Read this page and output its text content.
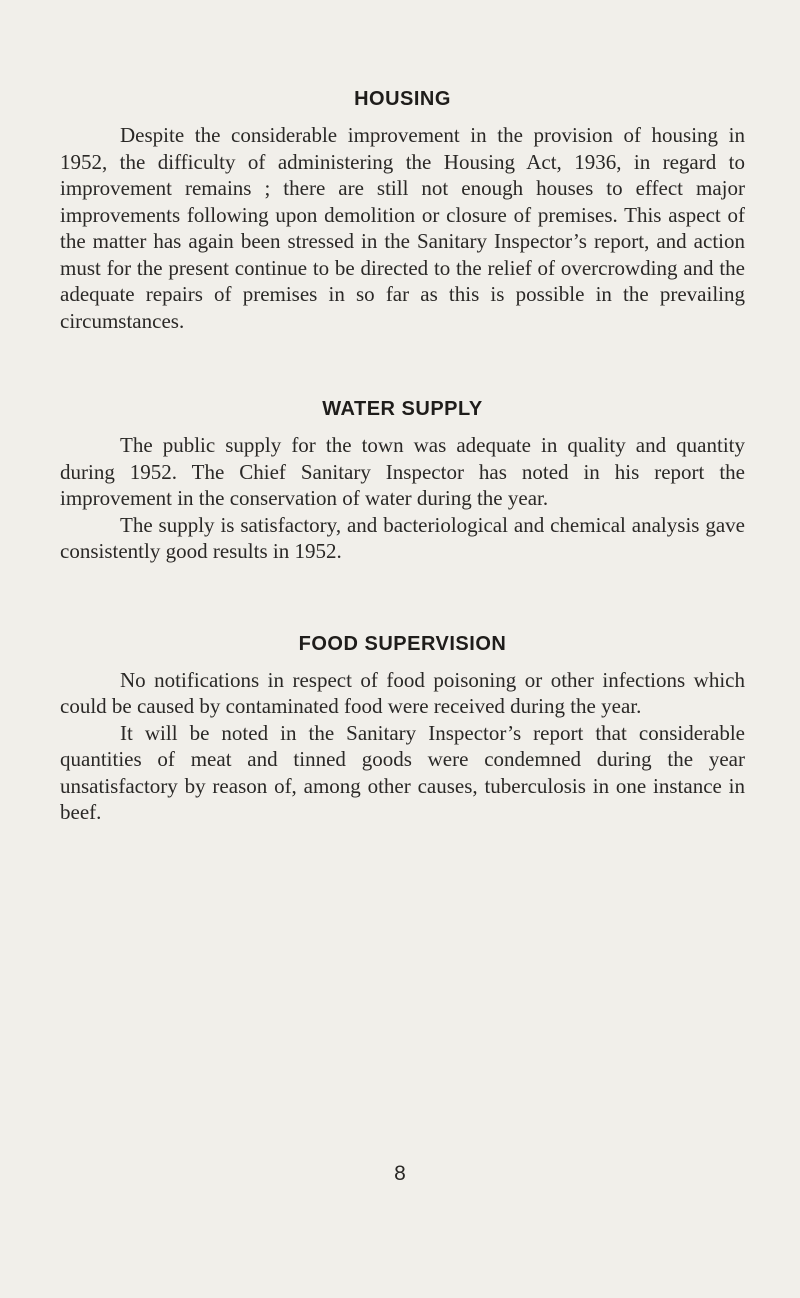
HOUSING

Despite the considerable improvement in the provision of housing in 1952, the difficulty of administering the Housing Act, 1936, in regard to improvement remains ; there are still not enough houses to effect major improvements following upon demolition or closure of premises. This aspect of the matter has again been stressed in the Sanitary Inspector’s report, and action must for the present continue to be directed to the relief of overcrowding and the adequate repairs of premises in so far as this is possible in the prevailing circumstances.

WATER SUPPLY

The public supply for the town was adequate in quality and quantity during 1952. The Chief Sanitary Inspector has noted in his report the improvement in the conservation of water during the year.

The supply is satisfactory, and bacteriological and chemical analysis gave consistently good results in 1952.

FOOD SUPERVISION

No notifications in respect of food poisoning or other infections which could be caused by contaminated food were received during the year.

It will be noted in the Sanitary Inspector’s report that considerable quantities of meat and tinned goods were condemned during the year unsatisfactory by reason of, among other causes, tuberculosis in one instance in beef.

8
